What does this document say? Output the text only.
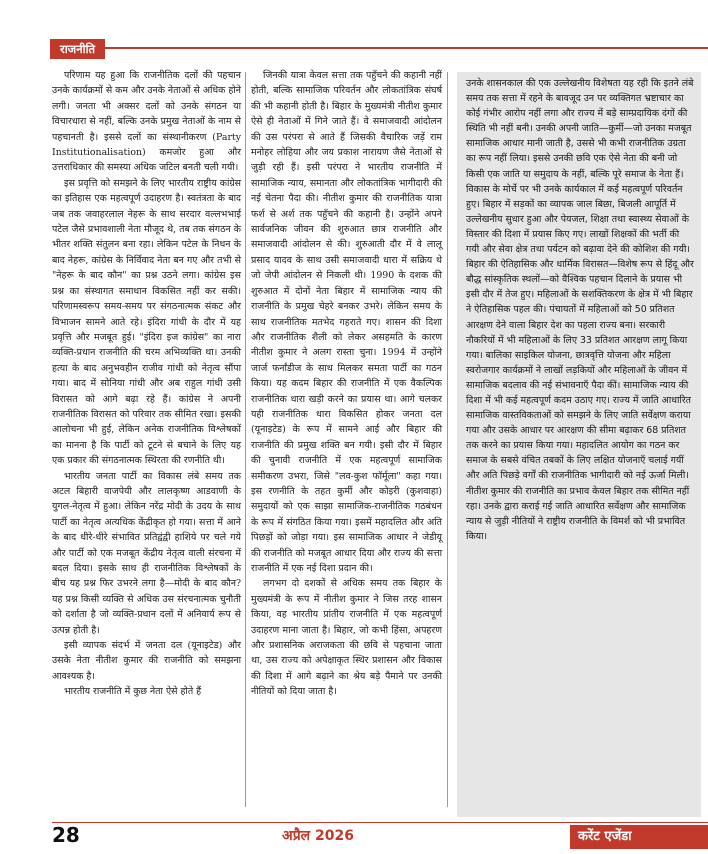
राजनीति

परिणाम यह हुआ कि राजनीतिक दलों की पहचान उनके कार्यक्रमों से कम और उनके नेताओं से अधिक होने लगी। जनता भी अक्सर दलों को उनके संगठन या विचारधारा से नहीं, बल्कि उनके प्रमुख नेताओं के नाम से पहचानती है। इससे दलों का संस्थानीकरण (Party Institutionalisation) कमजोर हुआ और उत्तराधिकार की समस्या अधिक जटिल बनती चली गयी।

इस प्रवृत्ति को समझने के लिए भारतीय राष्ट्रीय कांग्रेस का इतिहास एक महत्वपूर्ण उदाहरण है। स्वतंत्रता के बाद जब तक जवाहरलाल नेहरू के साथ सरदार वल्लभभाई पटेल जैसे प्रभावशाली नेता मौजूद थे, तब तक संगठन के भीतर शक्ति संतुलन बना रहा। लेकिन पटेल के निधन के बाद नेहरू, कांग्रेस के निर्विवाद नेता बन गए और तभी से "नेहरू के बाद कौन" का प्रश्न उठने लगा। कांग्रेस इस प्रश्न का संस्थागत समाधान विकसित नहीं कर सकी। परिणामस्वरूप समय-समय पर संगठनात्मक संकट और विभाजन सामने आते रहे। इंदिरा गांधी के दौर में यह प्रवृत्ति और मजबूत हुई। "इंदिरा इज कांग्रेस" का नारा व्यक्ति-प्रधान राजनीति की चरम अभिव्यक्ति था। उनकी हत्या के बाद अनुभवहीन राजीव गांधी को नेतृत्व सौंपा गया। बाद में सोनिया गांधी और अब राहुल गांधी उसी विरासत को आगे बढ़ा रहे हैं। कांग्रेस ने अपनी राजनीतिक विरासत को परिवार तक सीमित रखा। इसकी आलोचना भी हुई, लेकिन अनेक राजनीतिक विश्लेषकों का मानना है कि पार्टी को टूटने से बचाने के लिए यह एक प्रकार की संगठनात्मक स्थिरता की रणनीति थी।

भारतीय जनता पार्टी का विकास लंबे समय तक अटल बिहारी वाजपेयी और लालकृष्ण आडवाणी के युगल-नेतृत्व में हुआ। लेकिन नरेंद्र मोदी के उदय के साथ पार्टी का नेतृत्व अत्यधिक केंद्रीकृत हो गया। सत्ता में आने के बाद धीरे-धीरे संभावित प्रतिद्वंद्वी हाशिये पर चले गये और पार्टी को एक मजबूत केंद्रीय नेतृत्व वाली संरचना में बदल दिया। इसके साथ ही राजनीतिक विश्लेषकों के बीच यह प्रश्न फिर उभरने लगा है—मोदी के बाद कौन? यह प्रश्न किसी व्यक्ति से अधिक उस संरचनात्मक चुनौती को दर्शाता है जो व्यक्ति-प्रधान दलों में अनिवार्य रूप से उत्पन्न होती है।

इसी व्यापक संदर्भ में जनता दल (यूनाइटेड) और उसके नेता नीतीश कुमार की राजनीति को समझना आवश्यक है।

भारतीय राजनीति में कुछ नेता ऐसे होते हैं

जिनकी यात्रा केवल सत्ता तक पहुँचने की कहानी नहीं होती, बल्कि सामाजिक परिवर्तन और लोकतांत्रिक संघर्ष की भी कहानी होती है। बिहार के मुख्यमंत्री नीतीश कुमार ऐसे ही नेताओं में गिने जाते हैं। वे समाजवादी आंदोलन की उस परंपरा से आते हैं जिसकी वैचारिक जड़ें राम मनोहर लोहिया और जय प्रकाश नारायण जैसे नेताओं से जुड़ी रही हैं। इसी परंपरा ने भारतीय राजनीति में सामाजिक न्याय, समानता और लोकतांत्रिक भागीदारी की नई चेतना पैदा की। नीतीश कुमार की राजनीतिक यात्रा फर्श से अर्श तक पहुँचने की कहानी है। उन्होंने अपने सार्वजनिक जीवन की शुरुआत छात्र राजनीति और समाजवादी आंदोलन से की। शुरुआती दौर में वे लालू प्रसाद यादव के साथ उसी समाजवादी धारा में सक्रिय थे जो जेपी आंदोलन से निकली थी। 1990 के दशक की शुरुआत में दोनों नेता बिहार में सामाजिक न्याय की राजनीति के प्रमुख चेहरे बनकर उभरे। लेकिन समय के साथ राजनीतिक मतभेद गहराते गए। शासन की दिशा और राजनीतिक शैली को लेकर असहमति के कारण नीतीश कुमार ने अलग रास्ता चुना। 1994 में उन्होंने जार्ज फर्नांडीज के साथ मिलकर समता पार्टी का गठन किया। यह कदम बिहार की राजनीति में एक वैकल्पिक राजनीतिक धारा खड़ी करने का प्रयास था। आगे चलकर यही राजनीतिक धारा विकसित होकर जनता दल (यूनाइटेड) के रूप में सामने आई और बिहार की राजनीति की प्रमुख शक्ति बन गयी। इसी दौर में बिहार की चुनावी राजनीति में एक महत्वपूर्ण सामाजिक समीकरण उभरा, जिसे "लव-कुश फॉर्मूला" कहा गया। इस रणनीति के तहत कुर्मी और कोइरी (कुशवाहा) समुदायों को एक साझा सामाजिक-राजनीतिक गठबंधन के रूप में संगठित किया गया। इसमें महादलित और अति पिछड़ों को जोड़ा गया। इस सामाजिक आधार ने जेडीयू की राजनीति को मजबूत आधार दिया और राज्य की सत्ता राजनीति में एक नई दिशा प्रदान की।

लगभग दो दशकों से अधिक समय तक बिहार के मुख्यमंत्री के रूप में नीतीश कुमार ने जिस तरह शासन किया, वह भारतीय प्रांतीय राजनीति में एक महत्वपूर्ण उदाहरण माना जाता है। बिहार, जो कभी हिंसा, अपहरण और प्रशासनिक अराजकता की छवि से पहचाना जाता था, उस राज्य को अपेक्षाकृत स्थिर प्रशासन और विकास की दिशा में आगे बढ़ाने का श्रेय बड़े पैमाने पर उनकी नीतियों को दिया जाता है।

उनके शासनकाल की एक उल्लेखनीय विशेषता यह रही कि इतने लंबे समय तक सत्ता में रहने के बावजूद उन पर व्यक्तिगत भ्रष्टाचार का कोई गंभीर आरोप नहीं लगा और राज्य में बड़े साम्प्रदायिक दंगों की स्थिति भी नहीं बनी। उनकी अपनी जाति—कुर्मी—जो उनका मजबूत सामाजिक आधार मानी जाती है, उससे भी कभी राजनीतिक उग्रता का रूप नहीं लिया। इससे उनकी छवि एक ऐसे नेता की बनी जो किसी एक जाति या समुदाय के नहीं, बल्कि पूरे समाज के नेता हैं। विकास के मोर्चे पर भी उनके कार्यकाल में कई महत्वपूर्ण परिवर्तन हुए। बिहार में सड़कों का व्यापक जाल बिछा, बिजली आपूर्ति में उल्लेखनीय सुधार हुआ और पेयजल, शिक्षा तथा स्वास्थ्य सेवाओं के विस्तार की दिशा में प्रयास किए गए। लाखों शिक्षकों की भर्ती की गयी और सेवा क्षेत्र तथा पर्यटन को बढ़ावा देने की कोशिश की गयी। बिहार की ऐतिहासिक और धार्मिक विरासत—विशेष रूप से हिंदू और बौद्ध सांस्कृतिक स्थलों—को वैश्विक पहचान दिलाने के प्रयास भी इसी दौर में तेज हुए। महिलाओं के सशक्तिकरण के क्षेत्र में भी बिहार ने ऐतिहासिक पहल की। पंचायतों में महिलाओं को 50 प्रतिशत आरक्षण देने वाला बिहार देश का पहला राज्य बना। सरकारी नौकरियों में भी महिलाओं के लिए 33 प्रतिशत आरक्षण लागू किया गया। बालिका साइकिल योजना, छात्रवृत्ति योजना और महिला स्वरोजगार कार्यक्रमों ने लाखों लड़कियों और महिलाओं के जीवन में सामाजिक बदलाव की नई संभावनाएँ पैदा कीं। सामाजिक न्याय की दिशा में भी कई महत्वपूर्ण कदम उठाए गए। राज्य में जाति आधारित सामाजिक वास्तविकताओं को समझने के लिए जाति सर्वेक्षण कराया गया और उसके आधार पर आरक्षण की सीमा बढ़ाकर 68 प्रतिशत तक करने का प्रयास किया गया। महादलित आयोग का गठन कर समाज के सबसे वंचित तबकों के लिए लक्षित योजनाएँ चलाई गयीं और अति पिछड़े वर्गों की राजनीतिक भागीदारी को नई ऊर्जा मिली। नीतीश कुमार की राजनीति का प्रभाव केवल बिहार तक सीमित नहीं रहा। उनके द्वारा कराई गई जाति आधारित सर्वेक्षण और सामाजिक न्याय से जुड़ी नीतियों ने राष्ट्रीय राजनीति के विमर्श को भी प्रभावित किया।

28	अप्रैल 2026	करेंट एजेंडा
